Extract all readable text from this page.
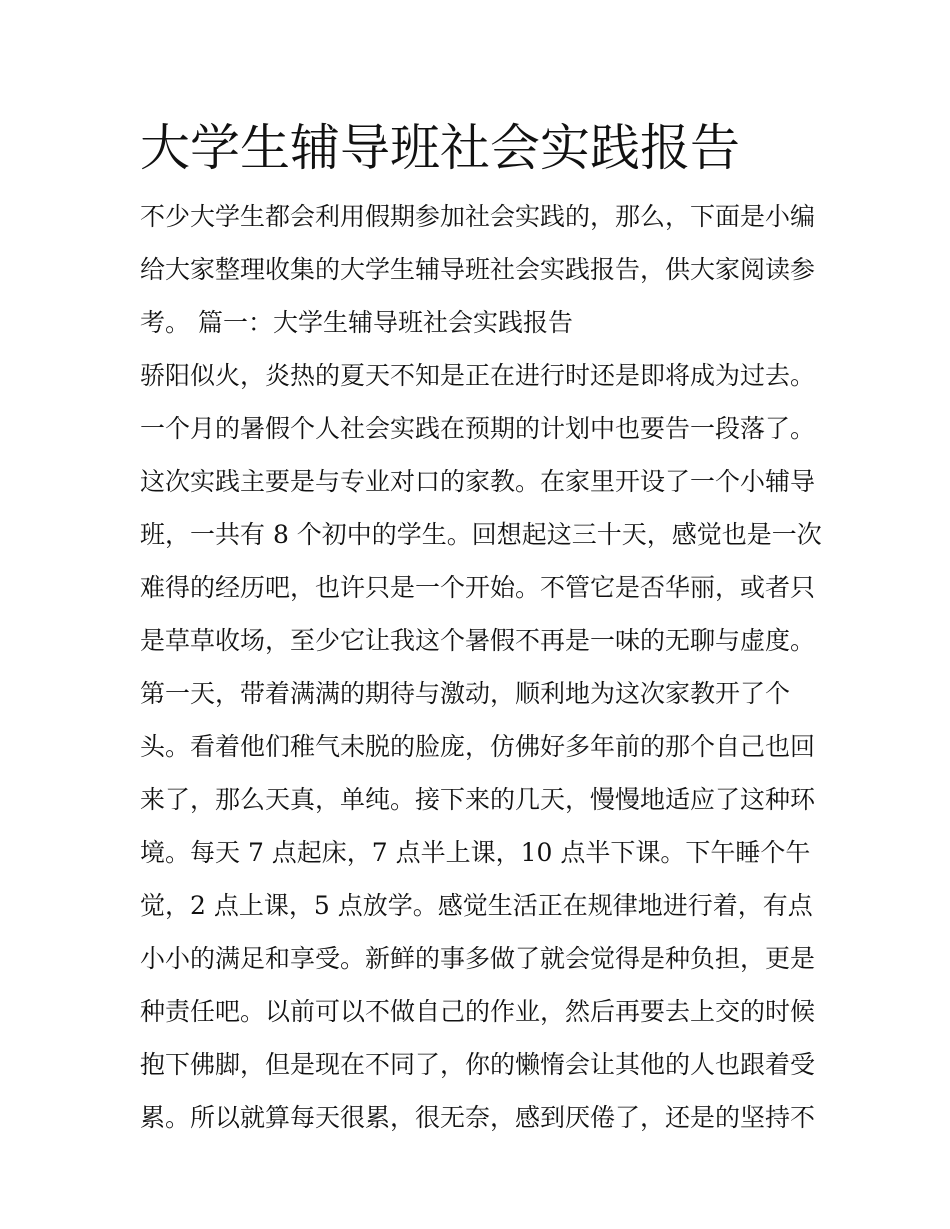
大学生辅导班社会实践报告

不少大学生都会利用假期参加社会实践的，那么，下面是小编

给大家整理收集的大学生辅导班社会实践报告，供大家阅读参

考。 篇一：大学生辅导班社会实践报告

骄阳似火，炎热的夏天不知是正在进行时还是即将成为过去。

一个月的暑假个人社会实践在预期的计划中也要告一段落了。

这次实践主要是与专业对口的家教。在家里开设了一个小辅导

班，一共有 8 个初中的学生。回想起这三十天，感觉也是一次

难得的经历吧，也许只是一个开始。不管它是否华丽，或者只

是草草收场，至少它让我这个暑假不再是一味的无聊与虚度。

第一天，带着满满的期待与激动，顺利地为这次家教开了个

头。看着他们稚气未脱的脸庞，仿佛好多年前的那个自己也回

来了，那么天真，单纯。接下来的几天，慢慢地适应了这种环

境。每天 7 点起床，7 点半上课，10 点半下课。下午睡个午

觉，2 点上课，5 点放学。感觉生活正在规律地进行着，有点

小小的满足和享受。新鲜的事多做了就会觉得是种负担，更是

种责任吧。以前可以不做自己的作业，然后再要去上交的时候

抱下佛脚，但是现在不同了，你的懒惰会让其他的人也跟着受

累。所以就算每天很累，很无奈，感到厌倦了，还是的坚持不
